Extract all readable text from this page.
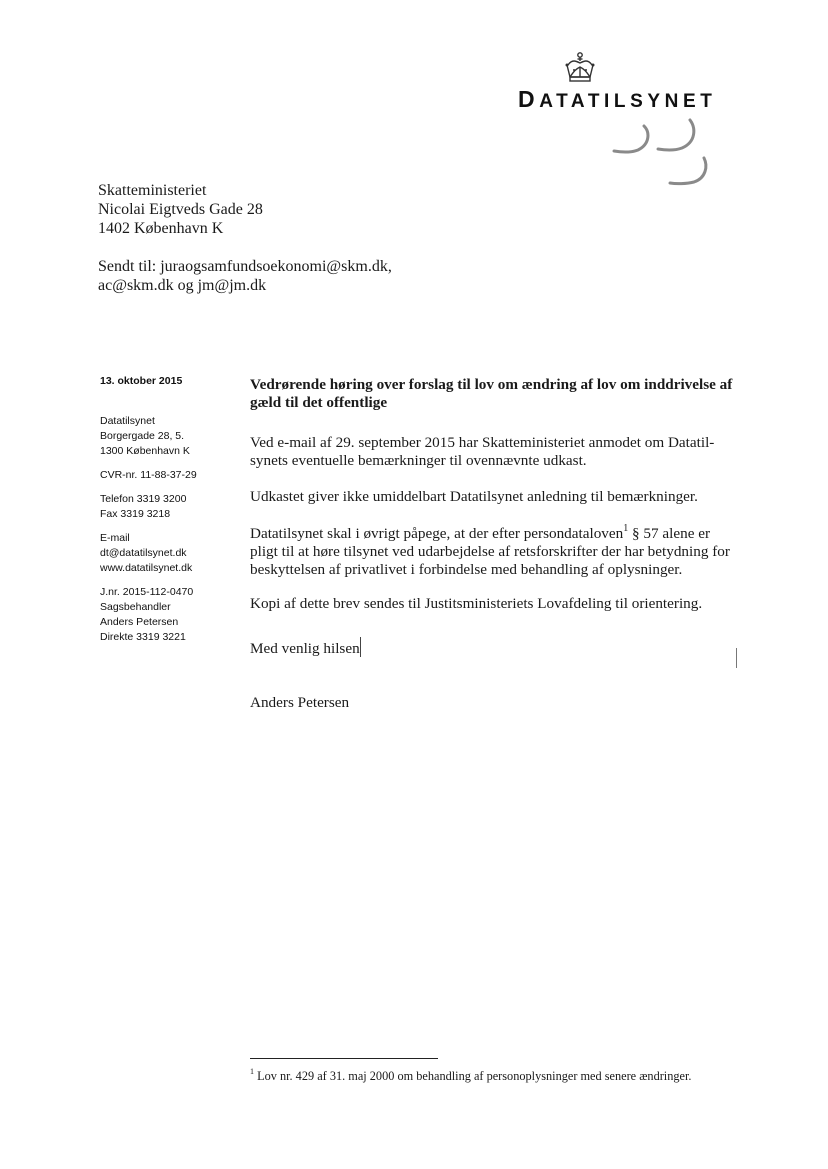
DATATILSYNET
Skatteministeriet
Nicolai Eigtveds Gade 28
1402 København K
Sendt til: juraogsamfundsoekonomi@skm.dk,
ac@skm.dk og jm@jm.dk
13. oktober 2015
Datatilsynet
Borgergade 28, 5.
1300 København K
CVR-nr. 11-88-37-29
Telefon 3319 3200
Fax 3319 3218
E-mail
dt@datatilsynet.dk
www.datatilsynet.dk
J.nr. 2015-112-0470
Sagsbehandler
Anders Petersen
Direkte 3319 3221

Vedrørende høring over forslag til lov om ændring af lov om inddrivelse af gæld til det offentlige

Ved e-mail af 29. september 2015 har Skatteministeriet anmodet om Datatil- synets eventuelle bemærkninger til ovennævnte udkast.

Udkastet giver ikke umiddelbart Datatilsynet anledning til bemærkninger.

Datatilsynet skal i øvrigt påpege, at der efter persondataloven$^1$ § 57 alene er pligt til at høre tilsynet ved udarbejdelse af retsforskrifter der har betydning for beskyttelsen af privatlivet i forbindelse med behandling af oplysninger.

Kopi af dette brev sendes til Justitsministeriets Lovafdeling til orientering.

Med venlig hilsen

Anders Petersen

$^1$ Lov nr. 429 af 31. maj 2000 om behandling af personoplysninger med senere ændringer.
